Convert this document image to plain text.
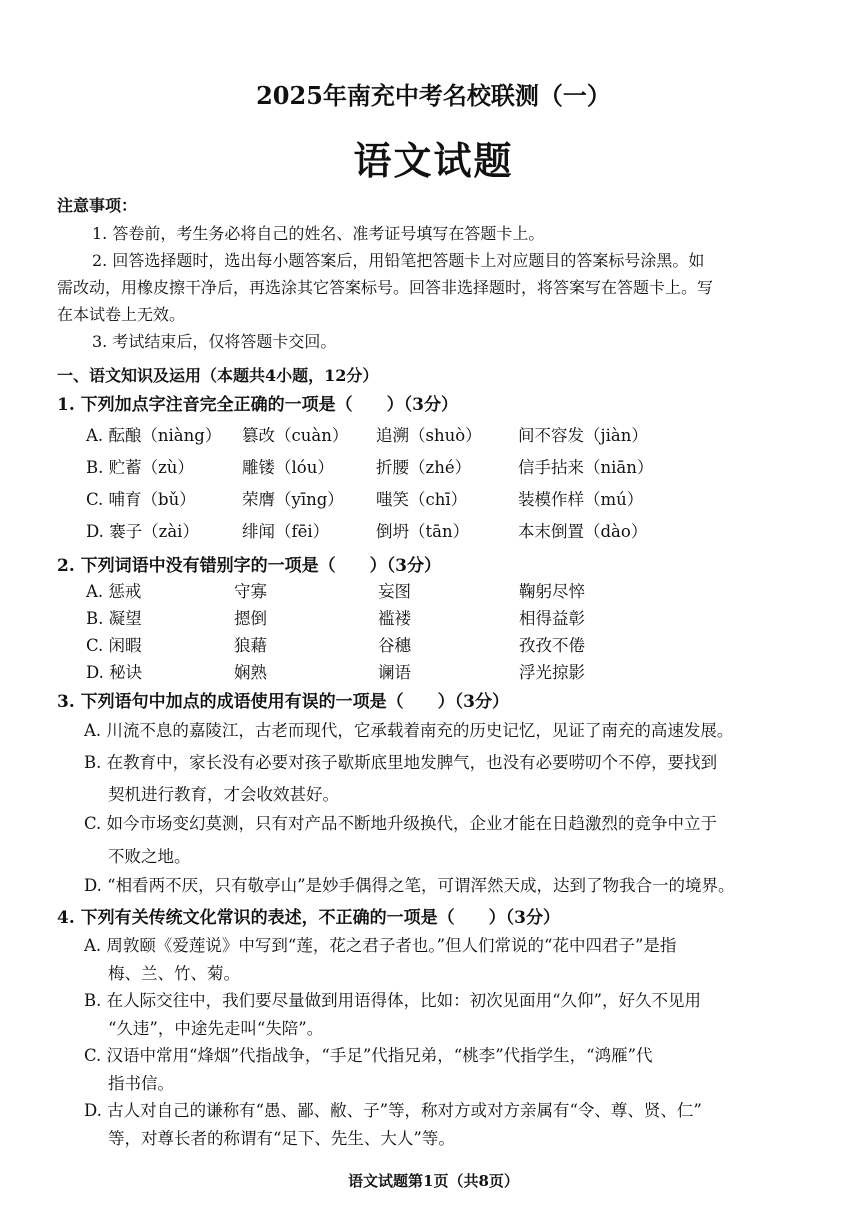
2025年南充中考名校联测（一）
语文试题
注意事项：
1. 答卷前，考生务必将自己的姓名、准考证号填写在答题卡上。
2. 回答选择题时，选出每小题答案后，用铅笔把答题卡上对应题目的答案标号涂黑。如
需改动，用橡皮擦干净后，再选涂其它答案标号。回答非选择题时，将答案写在答题卡上。写
在本试卷上无效。
3. 考试结束后，仅将答题卡交回。
一、语文知识及运用（本题共4小题，12分）
1. 下列加点字注音完全正确的一项是（　　）（3分）
A. 酝酿（niàng） 篡改（cuàn） 追溯（shuò） 间不容发（jiàn）
B. 贮蓄（zù）	雕镂（lóu）	折腰（zhé）	信手拈来（niān）
C. 哺育（bǔ）	荣膺（yīng） 嗤笑（chī）	装模作样（mú）
D. 褰子（zài）	绯闻（fēi）	倒坍（tān）	本末倒置（dào）
2. 下列词语中没有错别字的一项是（　　）（3分）
A. 惩戒	守寡	妄图	鞠躬尽悴
B. 凝望	摁倒	褴褛	相得益彰
C. 闲暇	狼藉	谷穗	孜孜不倦
D. 秘诀	娴熟	谰语	浮光掠影
3. 下列语句中加点的成语使用有误的一项是（　　）（3分）
A. 川流不息的嘉陵江，古老而现代，它承载着南充的历史记忆，见证了南充的高速发展。
B. 在教育中，家长没有必要对孩子歇斯底里地发脾气，也没有必要唠叨个不停，要找到
契机进行教育，才会收效甚好。
C. 如今市场变幻莫测，只有对产品不断地升级换代，企业才能在日趋激烈的竞争中立于
不败之地。
D. “相看两不厌，只有敬亭山”是妙手偶得之笔，可谓浑然天成，达到了物我合一的境界。
4. 下列有关传统文化常识的表述，不正确的一项是（　　）（3分）
A. 周敦颐《爱莲说》中写到“莲，花之君子者也。”但人们常说的“花中四君子”是指
梅、兰、竹、菊。
B. 在人际交往中，我们要尽量做到用语得体，比如：初次见面用“久仰”，好久不见用
“久违”，中途先走叫“失陪”。
C. 汉语中常用“烽烟”代指战争，“手足”代指兄弟，“桃李”代指学生，“鸿雁”代
指书信。
D. 古人对自己的谦称有“愚、鄙、敝、子”等，称对方或对方亲属有“令、尊、贤、仁”
等，对尊长者的称谓有“足下、先生、大人”等。
语文试题第1页（共8页）
